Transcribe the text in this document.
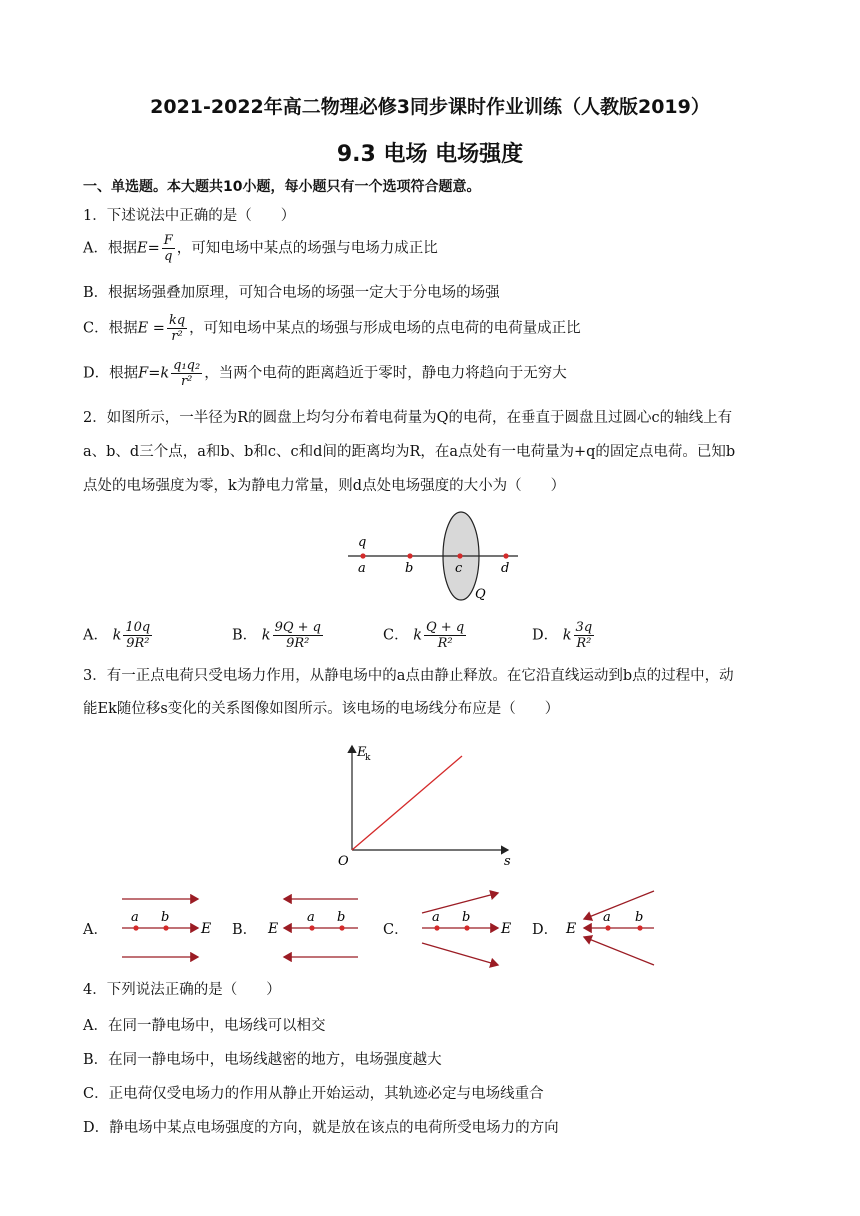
2021-2022年高二物理必修3同步课时作业训练（人教版2019）
9.3 电场 电场强度
一、单选题。本大题共10小题，每小题只有一个选项符合题意。
1．下述说法中正确的是（　　）
A．根据$E= \frac{F}{q}$ ，可知电场中某点的场强与电场力成正比
B．根据场强叠加原理，可知合电场的场强一定大于分电场的场强
C．根据$E = \frac{kq}{\text{r²}}$ ，可知电场中某点的场强与形成电场的点电荷的电荷量成正比
D．根据$F=k \frac{\text{q₁q₂}}{\text{r²}}$ ，当两个电荷的距离趋近于零时，静电力将趋向于无穷大
2．如图所示，一半径为R的圆盘上均匀分布着电荷量为Q的电荷，在垂直于圆盘且过圆心c的轴线上有
a、b、d三个点，a和b、b和c、c和d间的距离均为R，在a点处有一电荷量为+q的固定点电荷。已知b
点处的电场强度为零，k为静电力常量，则d点处电场强度的大小为（　　）
q
a	b	c	d
Q
A． k $\frac{10q}{\text{9R²}}$	B． k $\frac{9Q + q}{\text{9R²}}$	C． k $\frac{Q + q}{\text{R²}}$	D． k $\frac{3q}{\text{R²}}$
3．有一正点电荷只受电场力作用，从静电场中的a点由静止释放。在它沿直线运动到b点的过程中，动
能Ek随位移s变化的关系图像如图所示。该电场的电场线分布应是（　　）
E
k
O	s
A．
a b
E B．
a b
E	C．
a b
E D．
a b
E
4．下列说法正确的是（　　）
A．在同一静电场中，电场线可以相交
B．在同一静电场中，电场线越密的地方，电场强度越大
C．正电荷仅受电场力的作用从静止开始运动，其轨迹必定与电场线重合
D．静电场中某点电场强度的方向，就是放在该点的电荷所受电场力的方向
